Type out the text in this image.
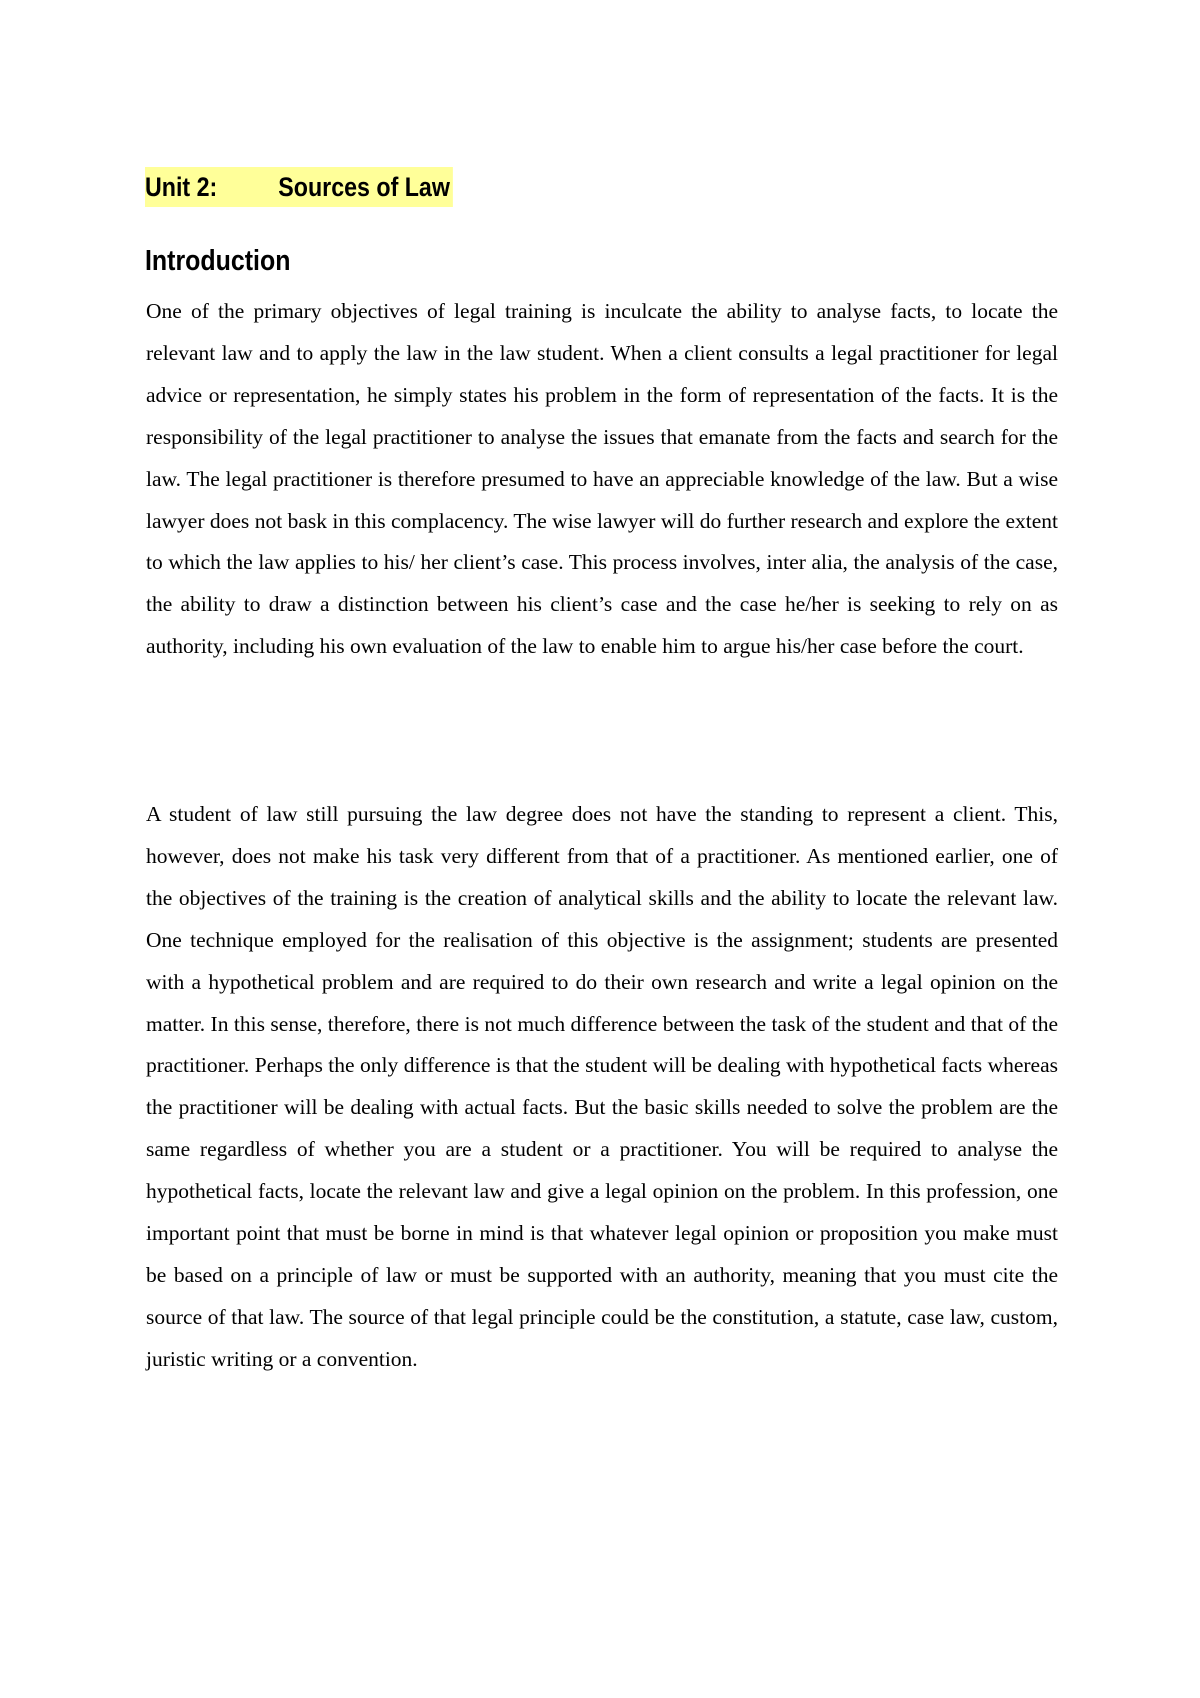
Unit 2: Sources of Law
Introduction

One of the primary objectives of legal training is inculcate the ability to analyse facts, to locate the relevant law and to apply the law in the law student. When a client consults a legal practitioner for legal advice or representation, he simply states his problem in the form of representation of the facts. It is the responsibility of the legal practitioner to analyse the issues that emanate from the facts and search for the law. The legal practitioner is therefore presumed to have an appreciable knowledge of the law. But a wise lawyer does not bask in this complacency. The wise lawyer will do further research and explore the extent to which the law applies to his/ her client’s case. This process involves, inter alia, the analysis of the case, the ability to draw a distinction between his client’s case and the case he/her is seeking to rely on as authority, including his own evaluation of the law to enable him to argue his/her case before the court.

A student of law still pursuing the law degree does not have the standing to represent a client. This, however, does not make his task very different from that of a practitioner. As mentioned earlier, one of the objectives of the training is the creation of analytical skills and the ability to locate the relevant law. One technique employed for the realisation of this objective is the assignment; students are presented with a hypothetical problem and are required to do their own research and write a legal opinion on the matter. In this sense, therefore, there is not much difference between the task of the student and that of the practitioner. Perhaps the only difference is that the student will be dealing with hypothetical facts whereas the practitioner will be dealing with actual facts. But the basic skills needed to solve the problem are the same regardless of whether you are a student or a practitioner. You will be required to analyse the hypothetical facts, locate the relevant law and give a legal opinion on the problem. In this profession, one important point that must be borne in mind is that whatever legal opinion or proposition you make must be based on a principle of law or must be supported with an authority, meaning that you must cite the source of that law. The source of that legal principle could be the constitution, a statute, case law, custom, juristic writing or a convention.
